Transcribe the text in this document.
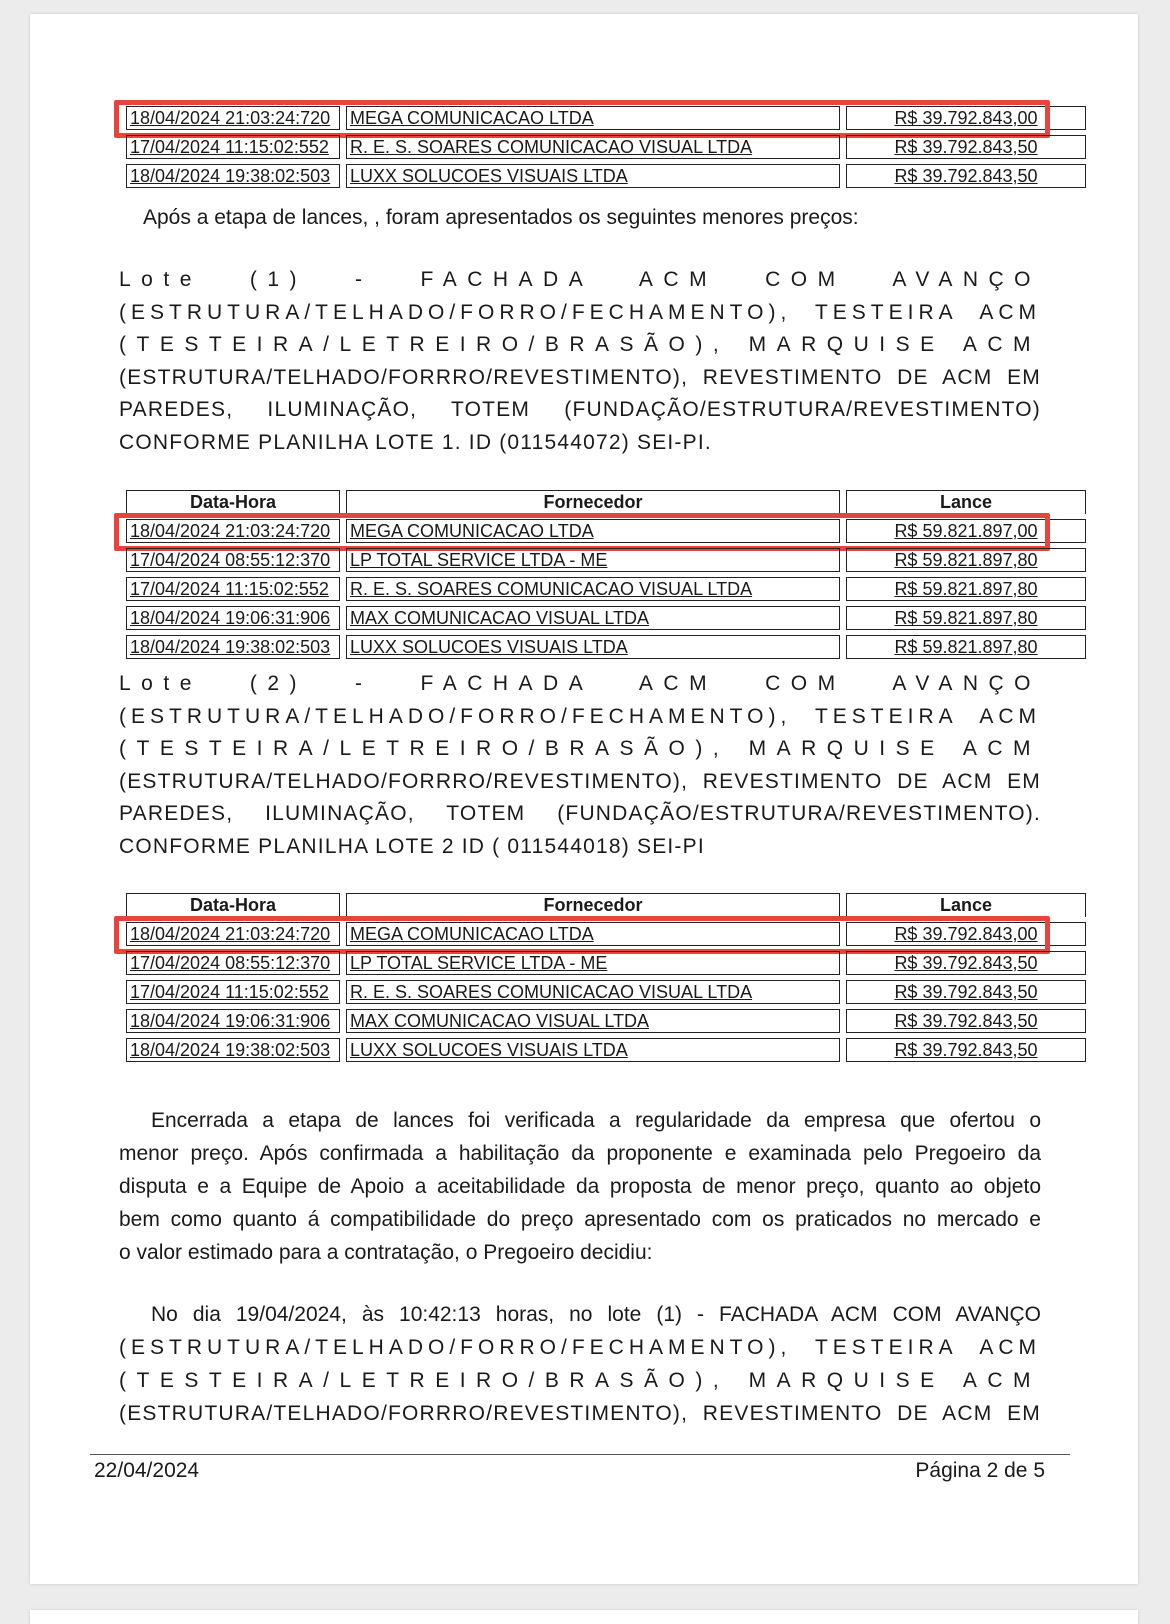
18/04/2024 21:03:24:720	MEGA COMUNICACAO LTDA	R$ 39.792.843,00
17/04/2024 11:15:02:552	R. E. S. SOARES COMUNICACAO VISUAL LTDA	R$ 39.792.843,50
18/04/2024 19:38:02:503	LUXX SOLUCOES VISUAIS LTDA	R$ 39.792.843,50
Após a etapa de lances, , foram apresentados os seguintes menores preços:
Lote (1) - FACHADA ACM COM AVANÇO
(ESTRUTURA/TELHADO/FORRO/FECHAMENTO), TESTEIRA ACM
(TESTEIRA/LETREIRO/BRASÃO), MARQUISE ACM
(ESTRUTURA/TELHADO/FORRRO/REVESTIMENTO), REVESTIMENTO DE ACM EM
PAREDES, ILUMINAÇÃO, TOTEM (FUNDAÇÃO/ESTRUTURA/REVESTIMENTO)
CONFORME PLANILHA LOTE 1. ID (011544072) SEI-PI.
Data-Hora	Fornecedor	Lance
18/04/2024 21:03:24:720	MEGA COMUNICACAO LTDA	R$ 59.821.897,00
17/04/2024 08:55:12:370	LP TOTAL SERVICE LTDA - ME	R$ 59.821.897,80
17/04/2024 11:15:02:552	R. E. S. SOARES COMUNICACAO VISUAL LTDA	R$ 59.821.897,80
18/04/2024 19:06:31:906	MAX COMUNICACAO VISUAL LTDA	R$ 59.821.897,80
18/04/2024 19:38:02:503	LUXX SOLUCOES VISUAIS LTDA	R$ 59.821.897,80
Lote (2) - FACHADA ACM COM AVANÇO
(ESTRUTURA/TELHADO/FORRO/FECHAMENTO), TESTEIRA ACM
(TESTEIRA/LETREIRO/BRASÃO), MARQUISE ACM
(ESTRUTURA/TELHADO/FORRRO/REVESTIMENTO), REVESTIMENTO DE ACM EM
PAREDES, ILUMINAÇÃO, TOTEM (FUNDAÇÃO/ESTRUTURA/REVESTIMENTO).
CONFORME PLANILHA LOTE 2 ID ( 011544018) SEI-PI
Data-Hora	Fornecedor	Lance
18/04/2024 21:03:24:720	MEGA COMUNICACAO LTDA	R$ 39.792.843,00
17/04/2024 08:55:12:370	LP TOTAL SERVICE LTDA - ME	R$ 39.792.843,50
17/04/2024 11:15:02:552	R. E. S. SOARES COMUNICACAO VISUAL LTDA	R$ 39.792.843,50
18/04/2024 19:06:31:906	MAX COMUNICACAO VISUAL LTDA	R$ 39.792.843,50
18/04/2024 19:38:02:503	LUXX SOLUCOES VISUAIS LTDA	R$ 39.792.843,50
Encerrada a etapa de lances foi verificada a regularidade da empresa que ofertou o
menor preço. Após confirmada a habilitação da proponente e examinada pelo Pregoeiro da
disputa e a Equipe de Apoio a aceitabilidade da proposta de menor preço, quanto ao objeto
bem como quanto á compatibilidade do preço apresentado com os praticados no mercado e
o valor estimado para a contratação, o Pregoeiro decidiu:
No dia 19/04/2024, às 10:42:13 horas, no lote (1) - FACHADA ACM COM AVANÇO
(ESTRUTURA/TELHADO/FORRO/FECHAMENTO), TESTEIRA ACM
(TESTEIRA/LETREIRO/BRASÃO), MARQUISE ACM
(ESTRUTURA/TELHADO/FORRRO/REVESTIMENTO), REVESTIMENTO DE ACM EM
22/04/2024	Página 2 de 5
